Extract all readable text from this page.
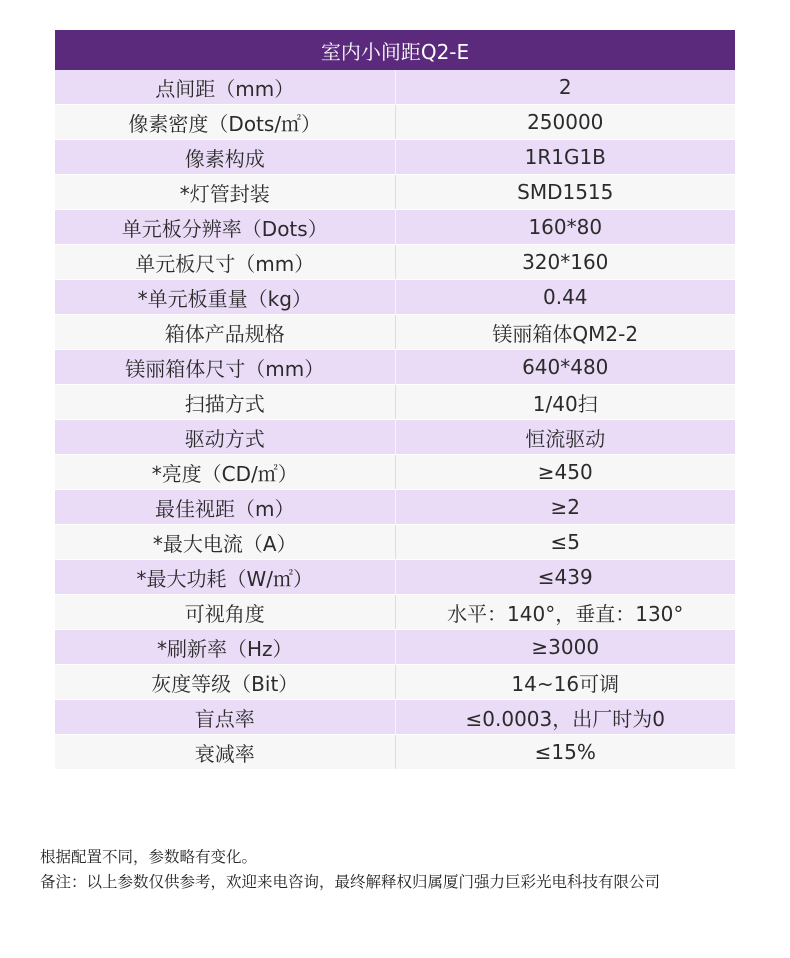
室内小间距Q2-E	
点间距（mm）	2
像素密度（Dots/㎡）	250000
像素构成	1R1G1B
*灯管封装	SMD1515
单元板分辨率（Dots）	160*80
单元板尺寸（mm）	320*160
*单元板重量（kg）	0.44
箱体产品规格	镁丽箱体QM2-2
镁丽箱体尺寸（mm）	640*480
扫描方式	1/40扫
驱动方式	恒流驱动
*亮度（CD/㎡）	≥450
最佳视距（m）	≥2
*最大电流（A）	≤5
*最大功耗（W/㎡）	≤439
可视角度	水平：140°，垂直：130°
*刷新率（Hz）	≥3000
灰度等级（Bit）	14~16可调
盲点率	≤0.0003，出厂时为0
衰减率	≤15%
根据配置不同，参数略有变化。
备注：以上参数仅供参考，欢迎来电咨询，最终解释权归属厦门强力巨彩光电科技有限公司
